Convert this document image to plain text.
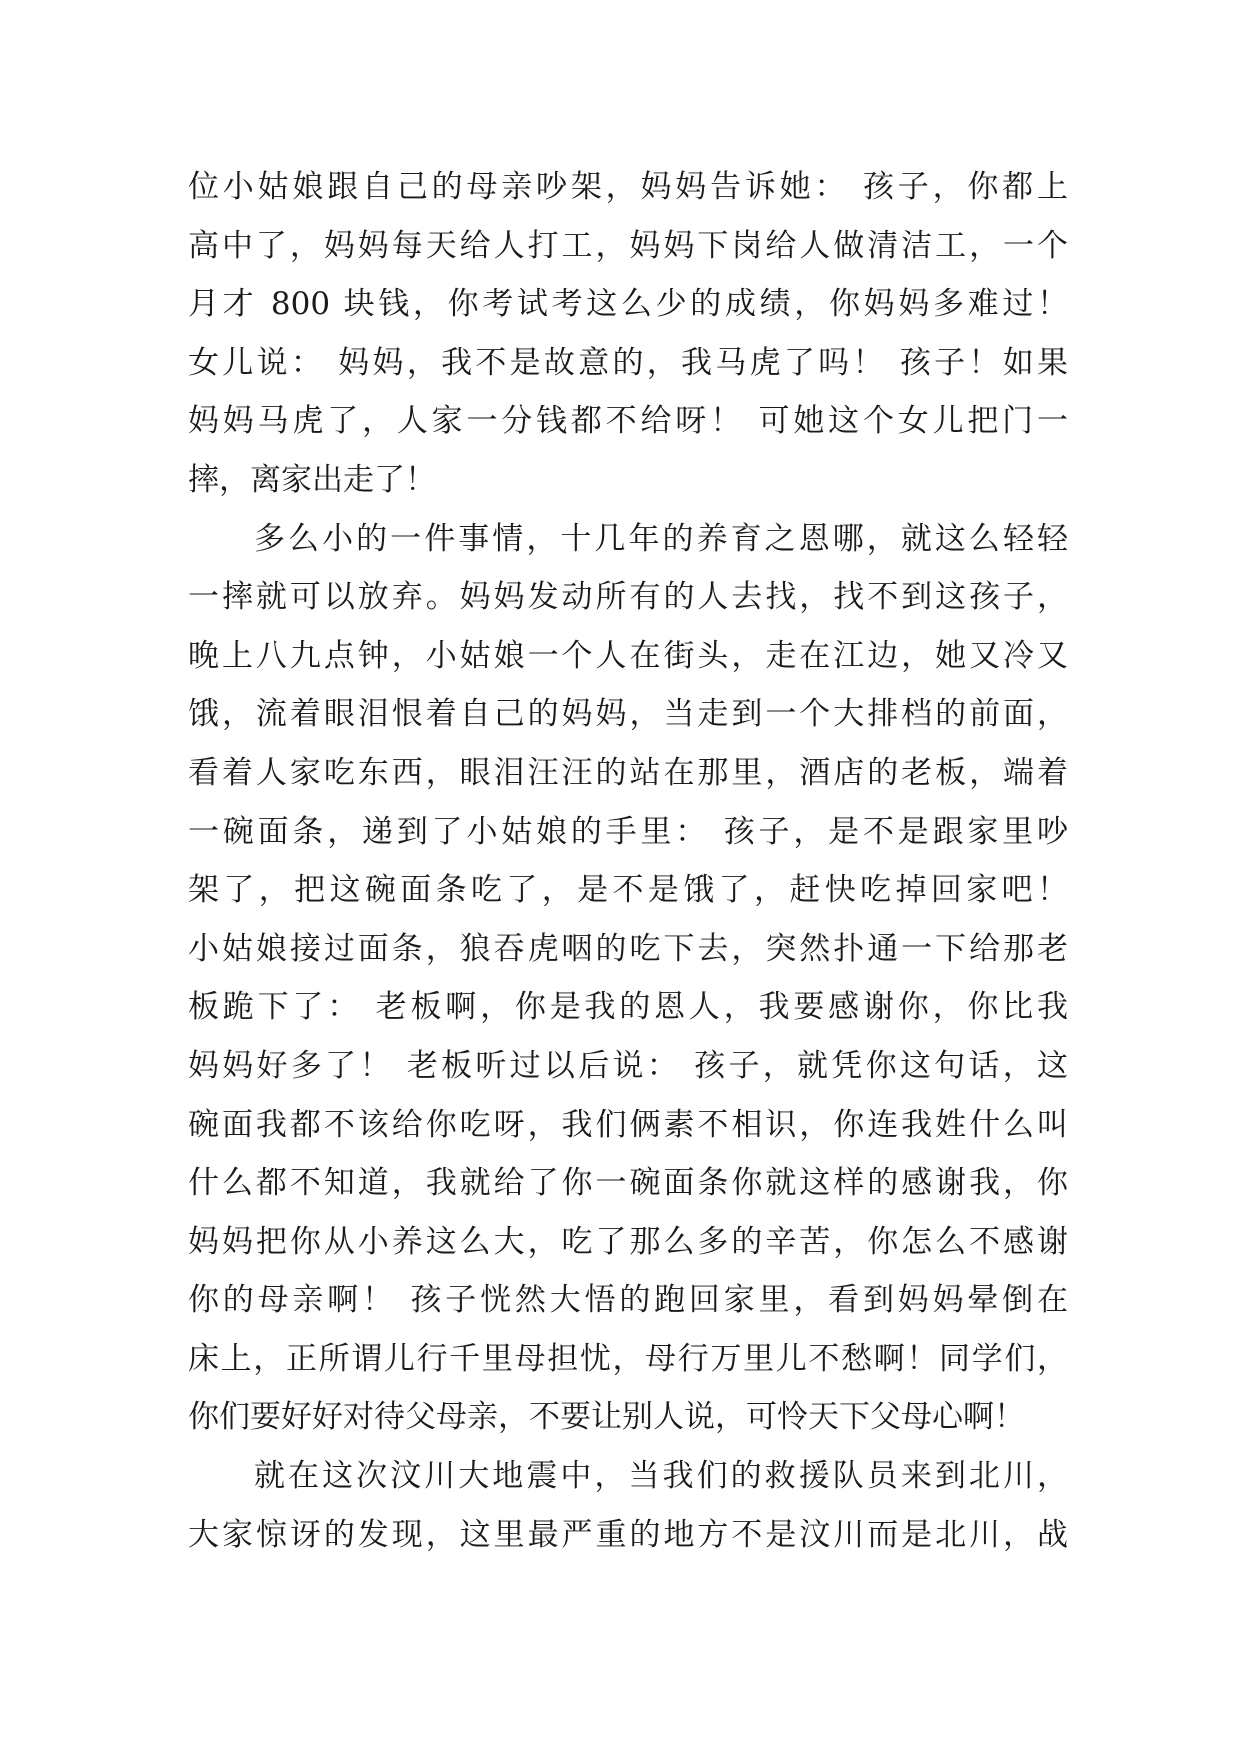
位小姑娘跟自己的母亲吵架，妈妈告诉她： 孩子，你都上
高中了，妈妈每天给人打工，妈妈下岗给人做清洁工，一个
月才 800 块钱，你考试考这么少的成绩，你妈妈多难过！
女儿说： 妈妈，我不是故意的，我马虎了吗！ 孩子！如果
妈妈马虎了，人家一分钱都不给呀！ 可她这个女儿把门一
摔，离家出走了！
多么小的一件事情，十几年的养育之恩哪，就这么轻轻
一摔就可以放弃。妈妈发动所有的人去找，找不到这孩子，
晚上八九点钟，小姑娘一个人在街头，走在江边，她又冷又
饿，流着眼泪恨着自己的妈妈，当走到一个大排档的前面，
看着人家吃东西，眼泪汪汪的站在那里，酒店的老板，端着
一碗面条，递到了小姑娘的手里： 孩子，是不是跟家里吵
架了，把这碗面条吃了，是不是饿了，赶快吃掉回家吧！
小姑娘接过面条，狼吞虎咽的吃下去，突然扑通一下给那老
板跪下了： 老板啊，你是我的恩人，我要感谢你，你比我
妈妈好多了！ 老板听过以后说： 孩子，就凭你这句话，这
碗面我都不该给你吃呀，我们俩素不相识，你连我姓什么叫
什么都不知道，我就给了你一碗面条你就这样的感谢我，你
妈妈把你从小养这么大，吃了那么多的辛苦，你怎么不感谢
你的母亲啊！ 孩子恍然大悟的跑回家里，看到妈妈晕倒在
床上，正所谓儿行千里母担忧，母行万里儿不愁啊！同学们，
你们要好好对待父母亲，不要让别人说，可怜天下父母心啊！
就在这次汶川大地震中，当我们的救援队员来到北川，
大家惊讶的发现，这里最严重的地方不是汶川而是北川，战
